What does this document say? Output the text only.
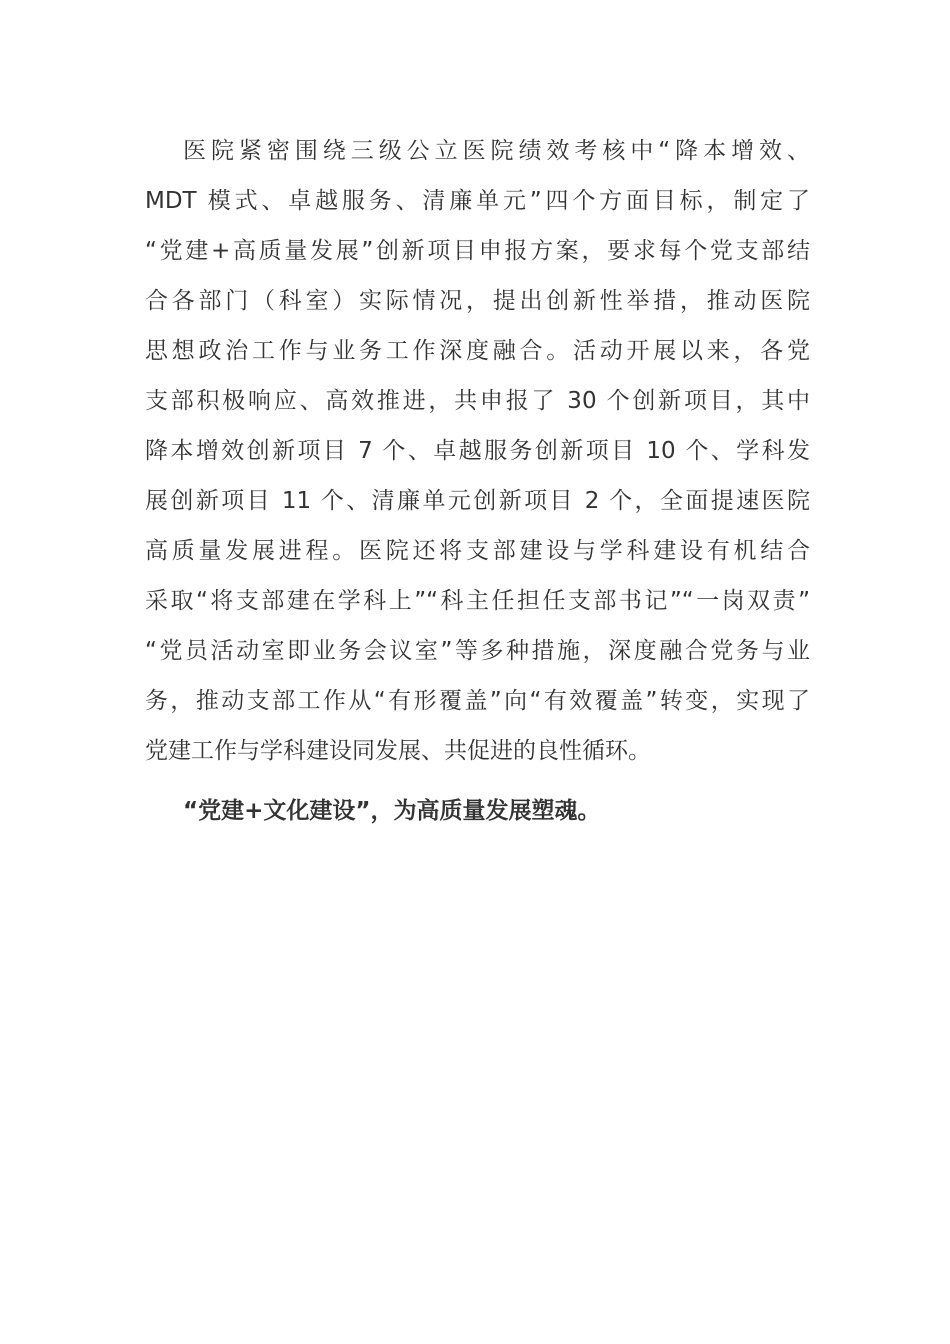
医院紧密围绕三级公立医院绩效考核中“降本增效、
MDT 模式、卓越服务、清廉单元”四个方面目标，制定了
“党建+高质量发展”创新项目申报方案，要求每个党支部结
合各部门（科室）实际情况，提出创新性举措，推动医院
思想政治工作与业务工作深度融合。活动开展以来，各党
支部积极响应、高效推进，共申报了 30 个创新项目，其中
降本增效创新项目 7 个、卓越服务创新项目 10 个、学科发
展创新项目 11 个、清廉单元创新项目 2 个，全面提速医院
高质量发展进程。医院还将支部建设与学科建设有机结合
采取“将支部建在学科上”“科主任担任支部书记”“一岗双责”
“党员活动室即业务会议室”等多种措施，深度融合党务与业
务，推动支部工作从“有形覆盖”向“有效覆盖”转变，实现了
党建工作与学科建设同发展、共促进的良性循环。
“党建+文化建设”，为高质量发展塑魂。
